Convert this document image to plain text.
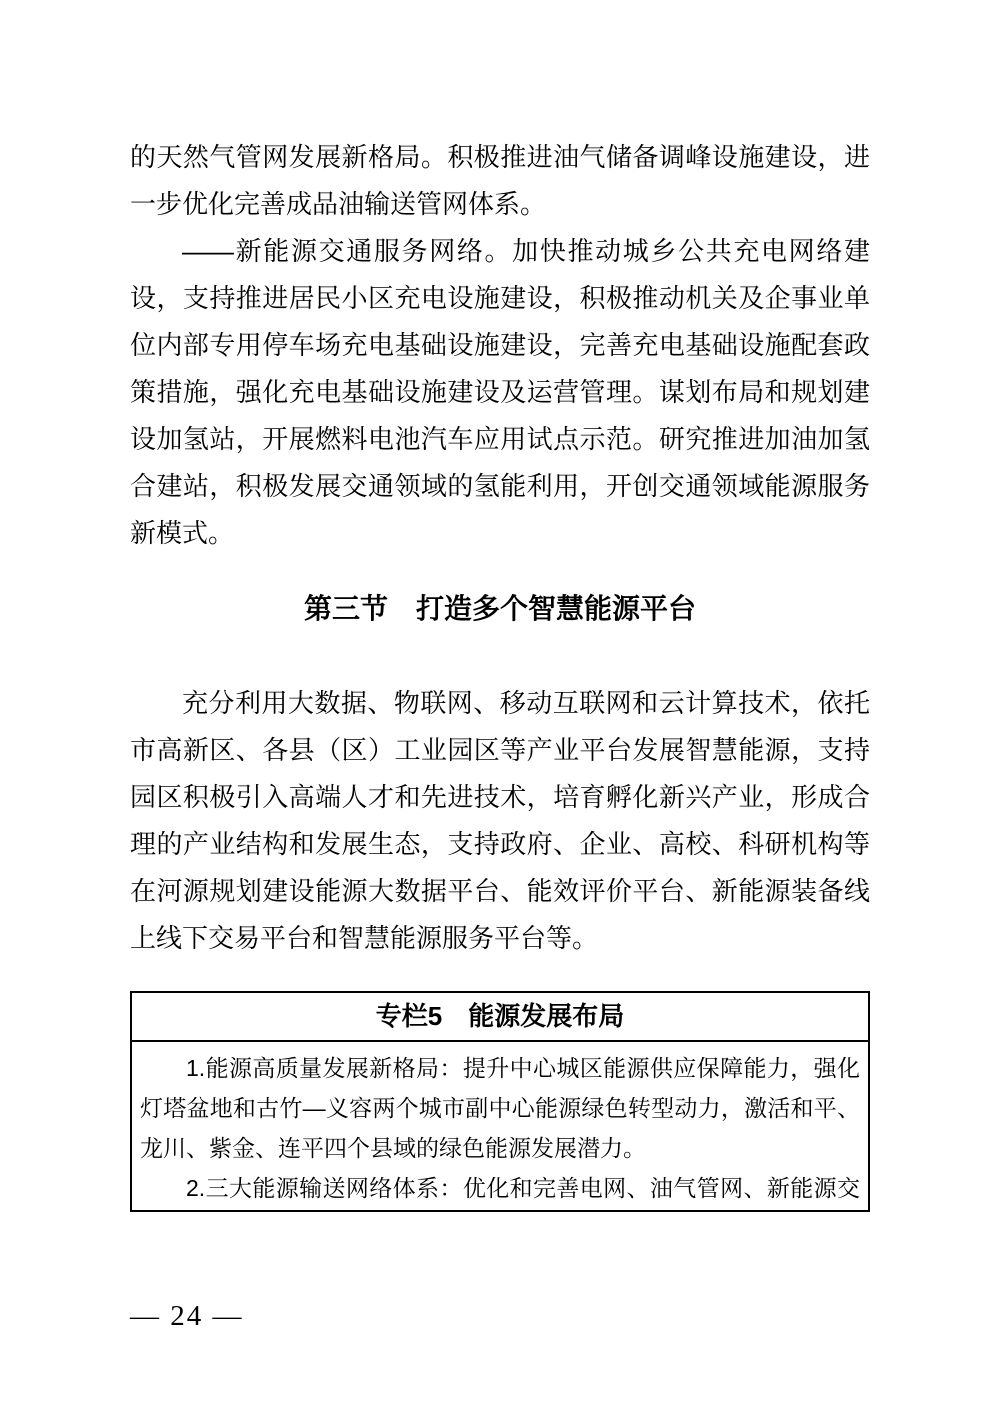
的天然气管网发展新格局。积极推进油气储备调峰设施建设，进
一步优化完善成品油输送管网体系。
——新能源交通服务网络。加快推动城乡公共充电网络建
设，支持推进居民小区充电设施建设，积极推动机关及企事业单
位内部专用停车场充电基础设施建设，完善充电基础设施配套政
策措施，强化充电基础设施建设及运营管理。谋划布局和规划建
设加氢站，开展燃料电池汽车应用试点示范。研究推进加油加氢
合建站，积极发展交通领域的氢能利用，开创交通领域能源服务
新模式。
第三节　打造多个智慧能源平台
充分利用大数据、物联网、移动互联网和云计算技术，依托
市高新区、各县（区）工业园区等产业平台发展智慧能源，支持
园区积极引入高端人才和先进技术，培育孵化新兴产业，形成合
理的产业结构和发展生态，支持政府、企业、高校、科研机构等
在河源规划建设能源大数据平台、能效评价平台、新能源装备线
上线下交易平台和智慧能源服务平台等。
专栏5　能源发展布局
1.能源高质量发展新格局：提升中心城区能源供应保障能力，强化
灯塔盆地和古竹—义容两个城市副中心能源绿色转型动力，激活和平、
龙川、紫金、连平四个县域的绿色能源发展潜力。
2.三大能源输送网络体系：优化和完善电网、油气管网、新能源交
— 24 —
